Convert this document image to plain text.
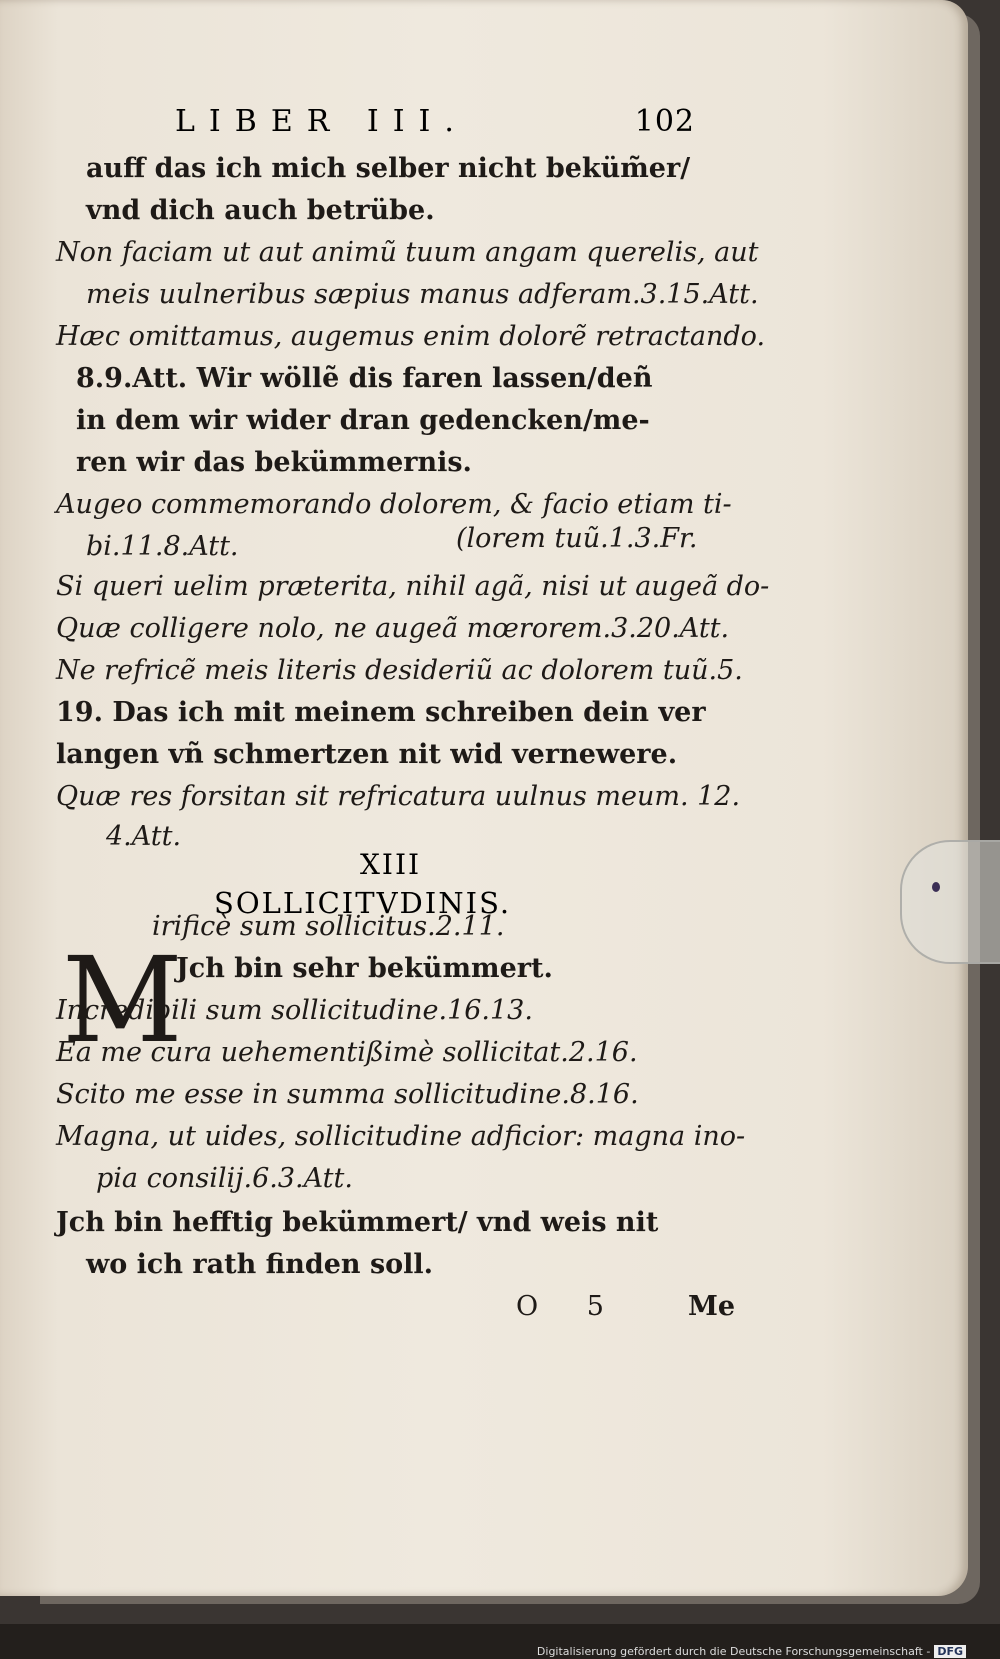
LIBER III.	102
auff das ich mich selber nicht beküm̃er/
vnd dich auch betrübe.
Non faciam ut aut animũ tuum angam querelis, aut
meis uulneribus sæpius manus adferam.3.15.Att.
Hæc omittamus, augemus enim dolorẽ retractando.
8.9.Att. Wir wöllẽ dis faren lassen/deñ
in dem wir wider dran gedencken/me-
ren wir das bekümmernis.
Augeo commemorando dolorem, & facio etiam ti-
bi.11.8.Att.	(lorem tuũ.1.3.Fr.
Si queri uelim præterita, nihil agã, nisi ut augeã do-
Quæ colligere nolo, ne augeã mœrorem.3.20.Att.
Ne refricẽ meis literis desideriũ ac dolorem tuũ.5.
19. Das ich mit meinem schreiben dein ver
langen vñ schmertzen nit wid vernewere.
Quæ res forsitan sit refricatura uulnus meum. 12.
4.Att.
irificè sum sollicitus.2.11.
Jch bin sehr bekümmert.
Incredibili sum sollicitudine.16.13.
Ea me cura uehementißimè sollicitat.2.16.
Scito me esse in summa sollicitudine.8.16.
Magna, ut uides, sollicitudine adficior: magna ino-
pia consilij.6.3.Att.
Jch bin hefftig bekümmert/ vnd weis nit
wo ich rath finden soll.
O 5 Me
XIII
SOLLICITVDINIS.
M
Digitalisierung gefördert durch die Deutsche Forschungsgemeinschaft - DFG
